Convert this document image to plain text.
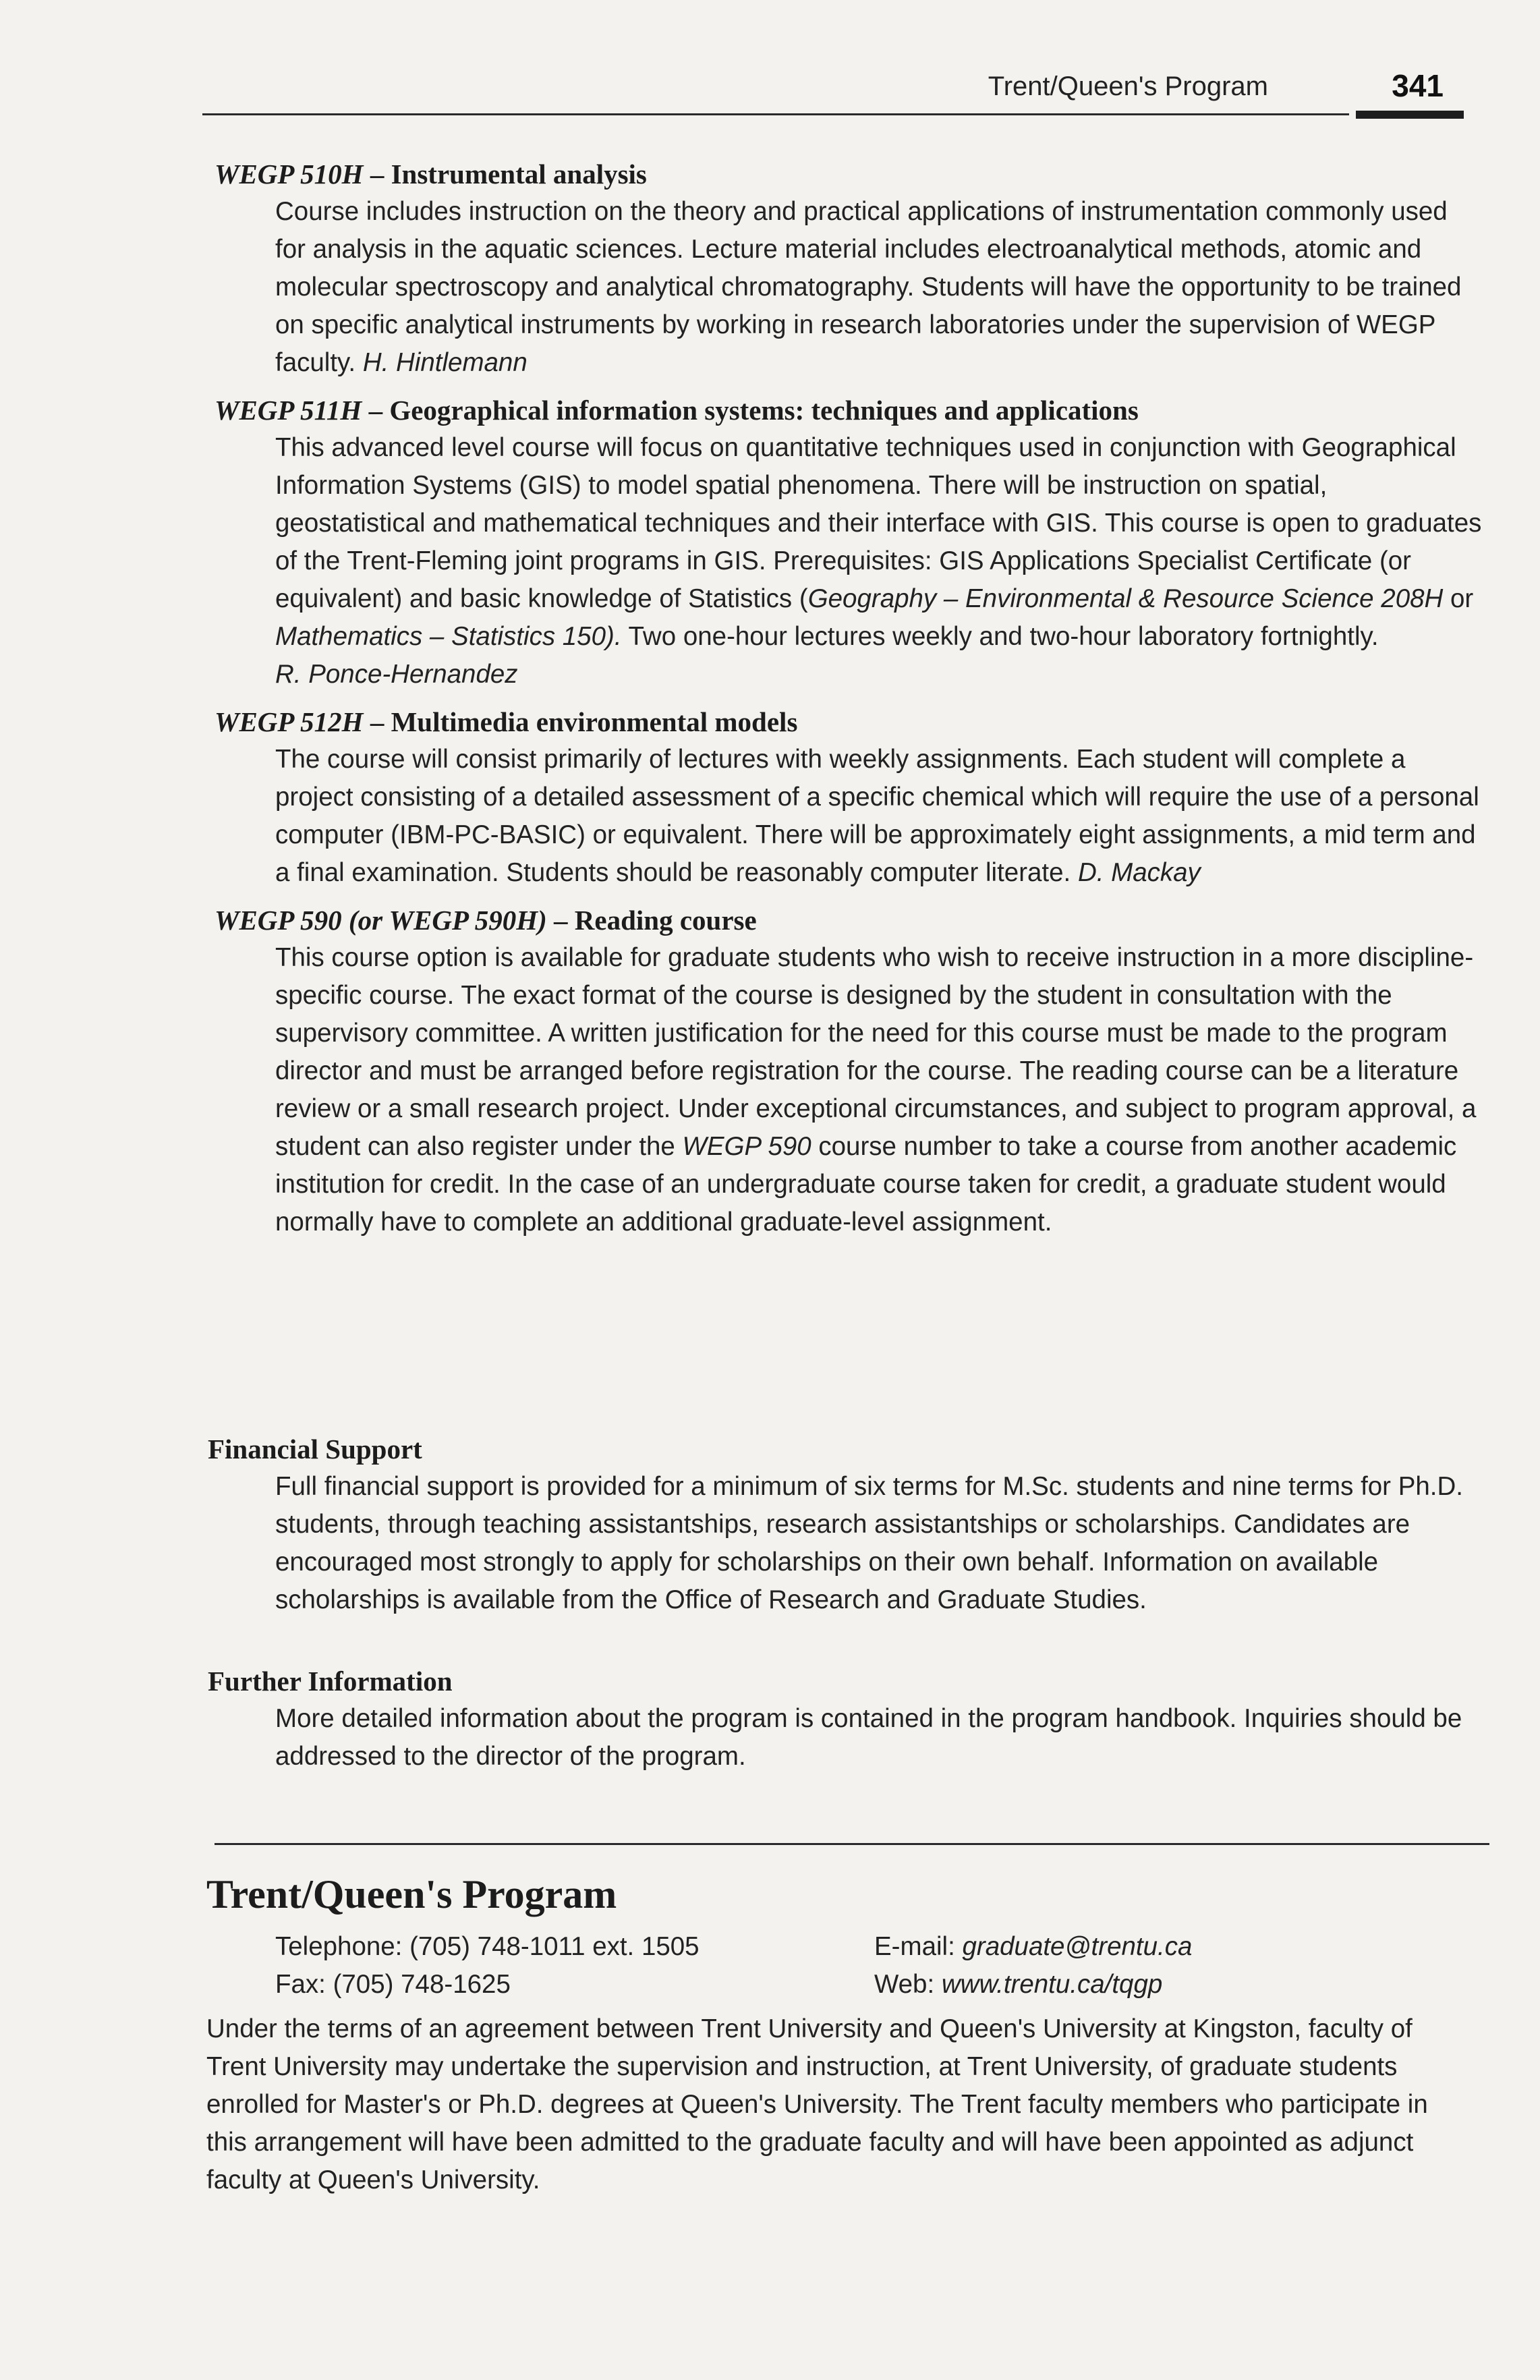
Trent/Queen's Program	341
WEGP 510H – Instrumental analysis
Course includes instruction on the theory and practical applications of instrumentation commonly used for analysis in the aquatic sciences. Lecture material includes electroanalytical methods, atomic and molecular spectroscopy and analytical chromatography. Students will have the opportunity to be trained on specific analytical instruments by working in research laboratories under the supervision of WEGP faculty. H. Hintlemann
WEGP 511H – Geographical information systems: techniques and applications
This advanced level course will focus on quantitative techniques used in conjunction with Geographical Information Systems (GIS) to model spatial phenomena. There will be instruction on spatial, geostatistical and mathematical techniques and their interface with GIS. This course is open to graduates of the Trent-Fleming joint programs in GIS. Prerequisites: GIS Applications Specialist Certificate (or equivalent) and basic knowledge of Statistics (Geography – Environmental & Resource Science 208H or Mathematics – Statistics 150). Two one-hour lectures weekly and two-hour laboratory fortnightly.
R. Ponce-Hernandez
WEGP 512H – Multimedia environmental models
The course will consist primarily of lectures with weekly assignments. Each student will complete a project consisting of a detailed assessment of a specific chemical which will require the use of a personal computer (IBM-PC-BASIC) or equivalent. There will be approximately eight assignments, a mid term and a final examination. Students should be reasonably computer literate. D. Mackay
WEGP 590 (or WEGP 590H) – Reading course
This course option is available for graduate students who wish to receive instruction in a more discipline-specific course. The exact format of the course is designed by the student in consultation with the supervisory committee. A written justification for the need for this course must be made to the program director and must be arranged before registration for the course. The reading course can be a literature review or a small research project. Under exceptional circumstances, and subject to program approval, a student can also register under the WEGP 590 course number to take a course from another academic institution for credit. In the case of an undergraduate course taken for credit, a graduate student would normally have to complete an additional graduate-level assignment.
Financial Support
Full financial support is provided for a minimum of six terms for M.Sc. students and nine terms for Ph.D. students, through teaching assistantships, research assistantships or scholarships. Candidates are encouraged most strongly to apply for scholarships on their own behalf. Information on available scholarships is available from the Office of Research and Graduate Studies.
Further Information
More detailed information about the program is contained in the program handbook. Inquiries should be addressed to the director of the program.
Trent/Queen's Program
Telephone: (705) 748-1011 ext. 1505	E-mail: graduate@trentu.ca
Fax: (705) 748-1625	Web: www.trentu.ca/tqgp
Under the terms of an agreement between Trent University and Queen's University at Kingston, faculty of Trent University may undertake the supervision and instruction, at Trent University, of graduate students enrolled for Master's or Ph.D. degrees at Queen's University. The Trent faculty members who participate in this arrangement will have been admitted to the graduate faculty and will have been appointed as adjunct faculty at Queen's University.
